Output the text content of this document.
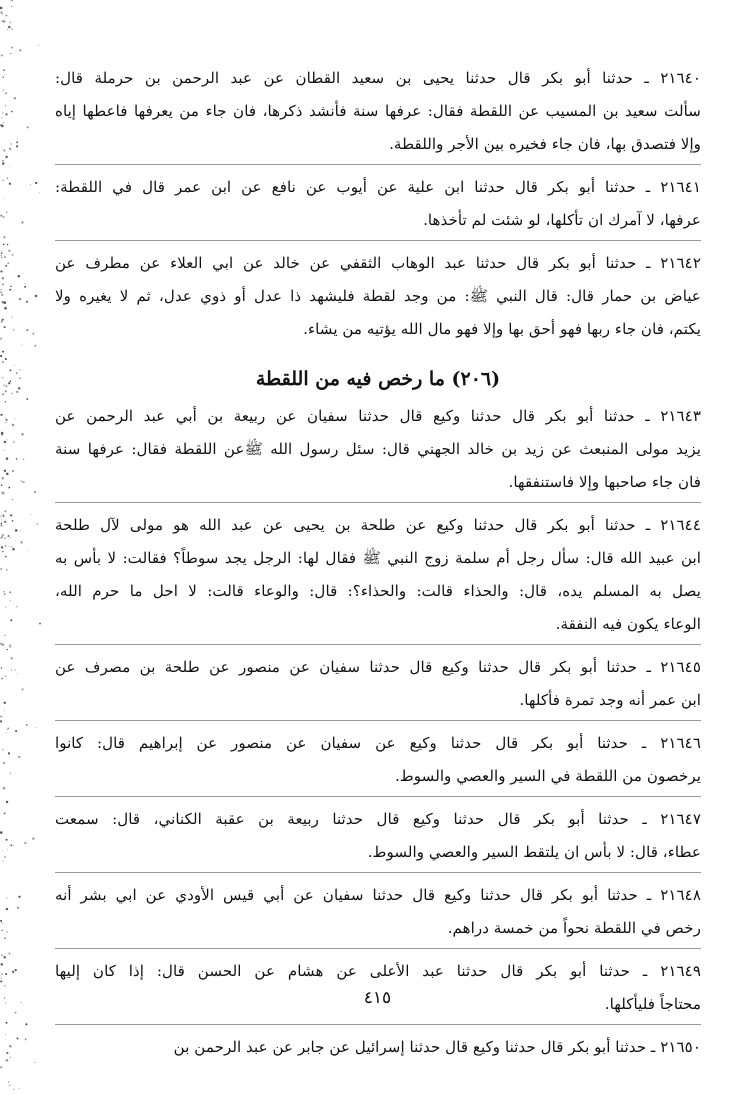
٢١٦٤٠ ـ حدثنا أبو بكر قال حدثنا يحيى بن سعيد القطان عن عبد الرحمن بن حرملة قال:
سألت سعيد بن المسيب عن اللقطة فقال: عرفها سنة فأنشد ذكرها، فان جاء من يعرفها فاعطها إياه
وإلا فتصدق بها، فان جاء فخيره بين الأجر واللقطة.
٢١٦٤١ ـ حدثنا أبو بكر قال حدثنا ابن علية عن أيوب عن نافع عن ابن عمر قال في اللقطة:
عرفها، لا آمرك ان تأكلها، لو شئت لم تأخذها.
٢١٦٤٢ ـ حدثنا أبو بكر قال حدثنا عبد الوهاب الثقفي عن خالد عن ابي العلاء عن مطرف عن
عياض بن حمار قال: قال النبي ﷺ: من وجد لقطة فليشهد ذا عدل أو ذوي عدل، ثم لا يغيره ولا
يكتم، فان جاء ربها فهو أحق بها وإلا فهو مال الله يؤتيه من يشاء.
(٢٠٦) ما رخص فيه من اللقطة
٢١٦٤٣ ـ حدثنا أبو بكر قال حدثنا وكيع قال حدثنا سفيان عن ربيعة بن أبي عبد الرحمن عن
يزيد مولى المنبعث عن زيد بن خالد الجهني قال: سئل رسول الله ﷺعن اللقطة فقال: عرفها سنة
فان جاء صاحبها وإلا فاستنفقها.
٢١٦٤٤ ـ حدثنا أبو بكر قال حدثنا وكيع عن طلحة بن يحيى عن عبد الله هو مولى لآل طلحة
ابن عبيد الله قال: سأل رجل أم سلمة زوج النبي ﷺ فقال لها: الرجل يجد سوطاً؟ فقالت: لا بأس به
يصل به المسلم يده، قال: والحذاء قالت: والحذاء؟: قال: والوعاء قالت: لا احل ما حرم الله،
الوعاء يكون فيه النفقة.
٢١٦٤٥ ـ حدثنا أبو بكر قال حدثنا وكيع قال حدثنا سفيان عن منصور عن طلحة بن مصرف عن
ابن عمر أنه وجد تمرة فأكلها.
٢١٦٤٦ ـ حدثنا أبو بكر قال حدثنا وكيع عن سفيان عن منصور عن إبراهيم قال: كانوا
يرخصون من اللقطة في السير والعصي والسوط.
٢١٦٤٧ ـ حدثنا أبو بكر قال حدثنا وكيع قال حدثنا ربيعة بن عقبة الكناني، قال: سمعت
عطاء، قال: لا بأس ان يلتقط السير والعصي والسوط.
٢١٦٤٨ ـ حدثنا أبو بكر قال حدثنا وكيع قال حدثنا سفيان عن أبي قيس الأودي عن ابي بشر أنه
رخص في اللقطة نحواً من خمسة دراهم.
٢١٦٤٩ ـ حدثنا أبو بكر قال حدثنا عبد الأعلى عن هشام عن الحسن قال: إذا كان إليها
محتاجاً فليأكلها.
٢١٦٥٠ ـ حدثنا أبو بكر قال حدثنا وكيع قال حدثنا إسرائيل عن جابر عن عبد الرحمن بن
٤١٥
